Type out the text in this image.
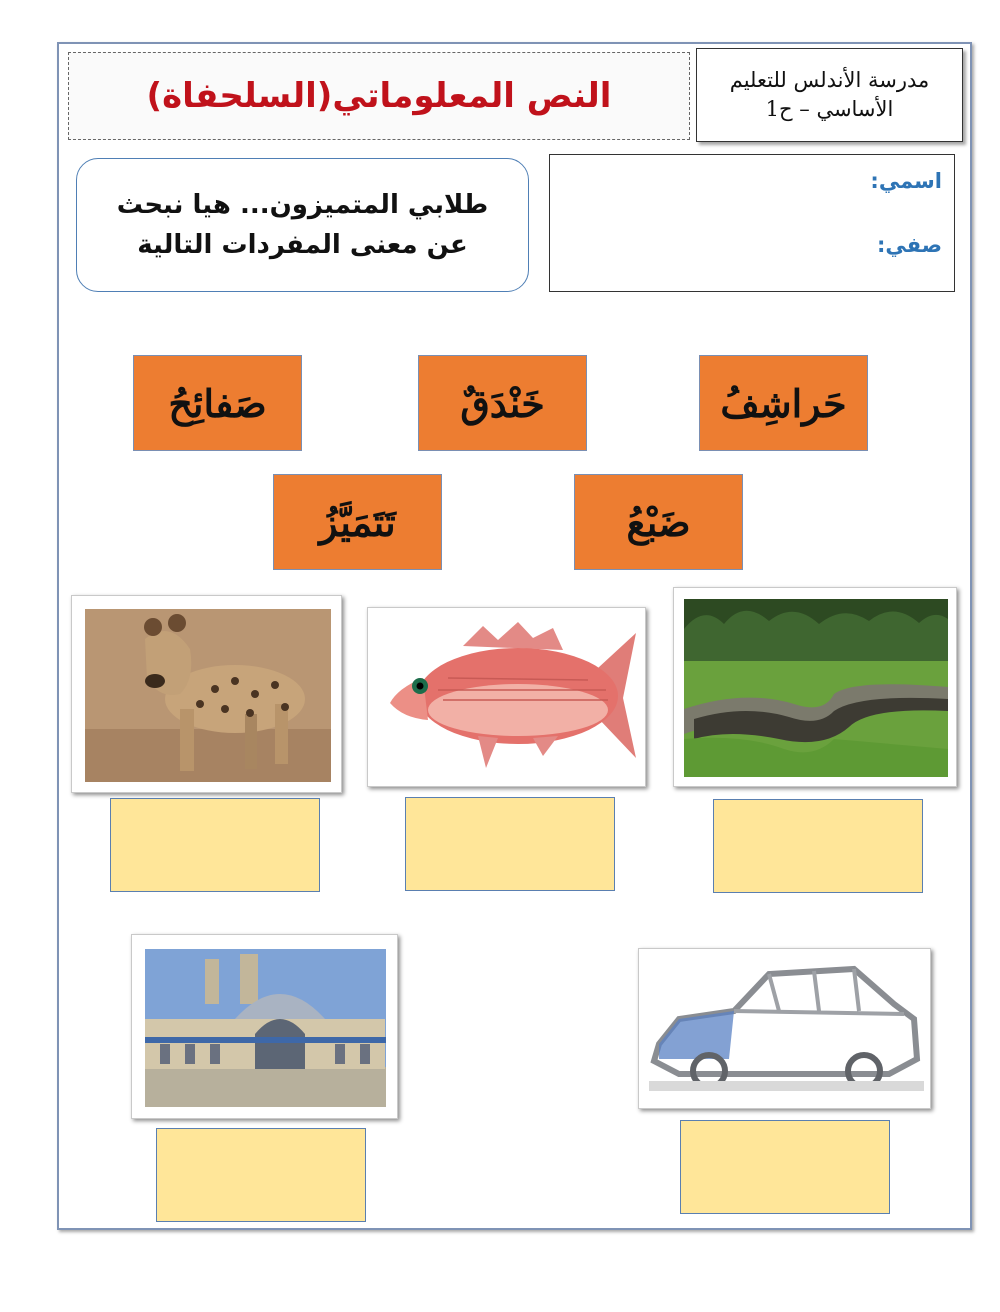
النص المعلوماتي(السلحفاة)	مدرسة الأندلس للتعليم
الأساسي – ح1
طلابي المتميزون... هيا نبحث
عن معنى المفردات التالية
اسمي:
صفي:
حَراشِفُ
خَنْدَقٌ
صَفائِحُ
ضَبْعُ
تَتَمَيَّزُ
